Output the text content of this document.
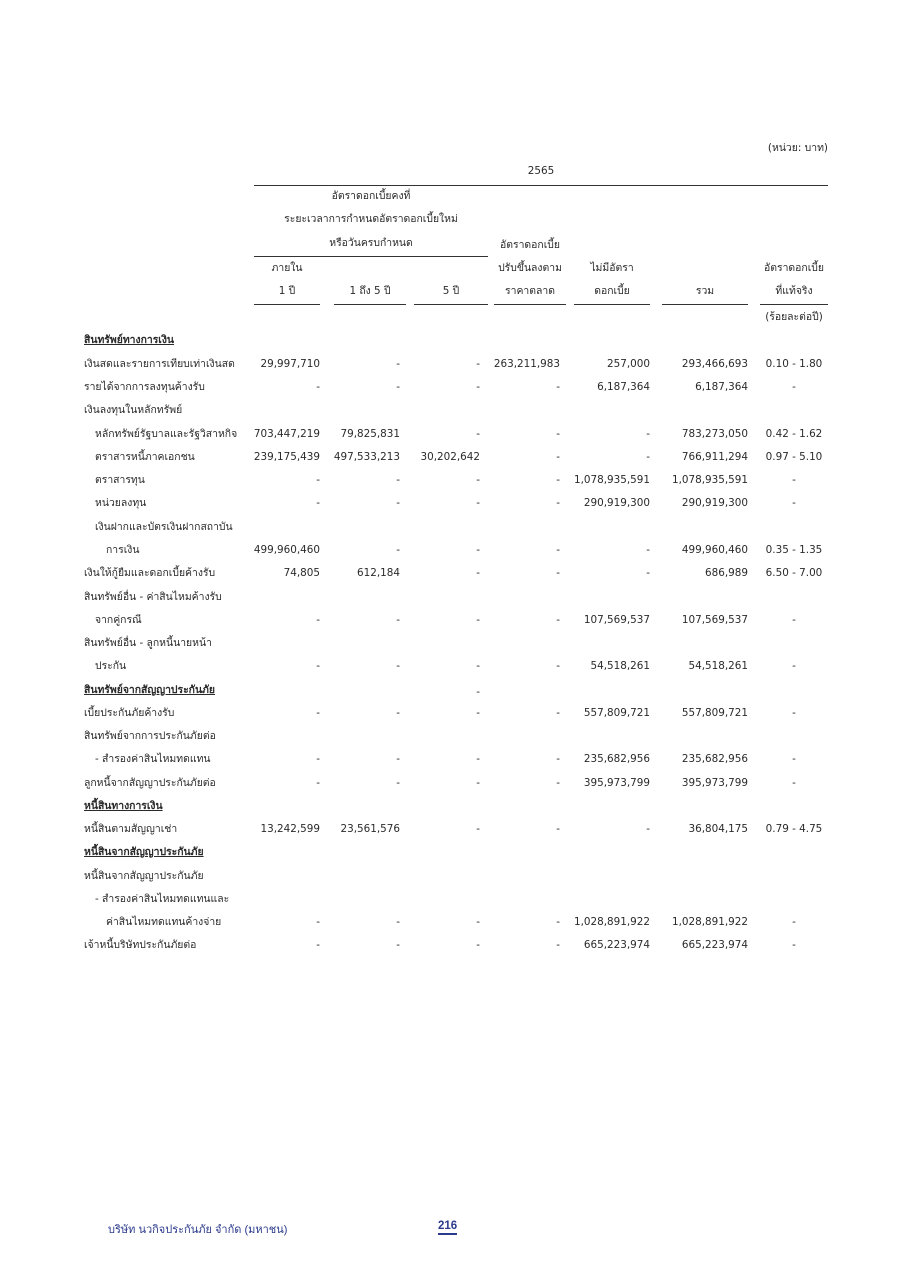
(หน่วย: บาท)
2565
อัตราดอกเบี้ยคงที่
ระยะเวลาการกำหนดอัตราดอกเบี้ยใหม่
หรือวันครบกำหนด
ภายใน
1 ปี	1 ถึง 5 ปี	5 ปี
อัตราดอกเบี้ย
ปรับขึ้นลงตาม
ราคาตลาด
ไม่มีอัตรา
ดอกเบี้ย	รวม
อัตราดอกเบี้ย
ที่แท้จริง
(ร้อยละต่อปี)
สินทรัพย์ทางการเงิน
เงินสดและรายการเทียบเท่าเงินสด	29,997,710	-	-	263,211,983	257,000	293,466,693	0.10 - 1.80
รายได้จากการลงทุนค้างรับ	-	-	-	-	6,187,364	6,187,364	-
เงินลงทุนในหลักทรัพย์
หลักทรัพย์รัฐบาลและรัฐวิสาหกิจ	703,447,219	79,825,831	-	-	-	783,273,050	0.42 - 1.62
ตราสารหนี้ภาคเอกชน	239,175,439	497,533,213	30,202,642	-	-	766,911,294	0.97 - 5.10
ตราสารทุน	-	-	-	-	1,078,935,591	1,078,935,591	-
หน่วยลงทุน	-	-	-	-	290,919,300	290,919,300	-
เงินฝากและบัตรเงินฝากสถาบัน
การเงิน	499,960,460	-	-	-	-	499,960,460	0.35 - 1.35
เงินให้กู้ยืมและดอกเบี้ยค้างรับ	74,805	612,184	-	-	-	686,989	6.50 - 7.00
สินทรัพย์อื่น - ค่าสินไหมค้างรับ
จากคู่กรณี	-	-	-	-	107,569,537	107,569,537	-
สินทรัพย์อื่น - ลูกหนี้นายหน้า
ประกัน	-	-	-	-	54,518,261	54,518,261	-
สินทรัพย์จากสัญญาประกันภัย	-
เบี้ยประกันภัยค้างรับ	-	-	-	-	557,809,721	557,809,721	-
สินทรัพย์จากการประกันภัยต่อ
- สำรองค่าสินไหมทดแทน	-	-	-	-	235,682,956	235,682,956	-
ลูกหนี้จากสัญญาประกันภัยต่อ	-	-	-	-	395,973,799	395,973,799	-
หนี้สินทางการเงิน
หนี้สินตามสัญญาเช่า	13,242,599	23,561,576	-	-	-	36,804,175	0.79 - 4.75
หนี้สินจากสัญญาประกันภัย
หนี้สินจากสัญญาประกันภัย
- สำรองค่าสินไหมทดแทนและ
ค่าสินไหมทดแทนค้างจ่าย	-	-	-	-	1,028,891,922	1,028,891,922	-
เจ้าหนี้บริษัทประกันภัยต่อ	-	-	-	-	665,223,974	665,223,974	-
บริษัท นวกิจประกันภัย จำกัด (มหาชน)	216
